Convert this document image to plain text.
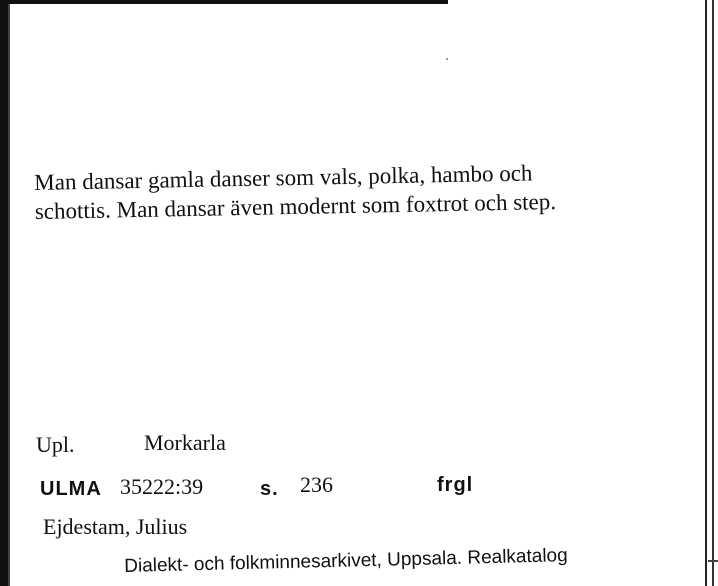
Man dansar gamla danser som vals, polka, hambo och

schottis. Man dansar även modernt som foxtrot och step.

Upl.	Morkarla
ULMA 35222:39	s. 236	frgl
Ejdestam, Julius
Dialekt- och folkminnesarkivet, Uppsala. Realkatalog
